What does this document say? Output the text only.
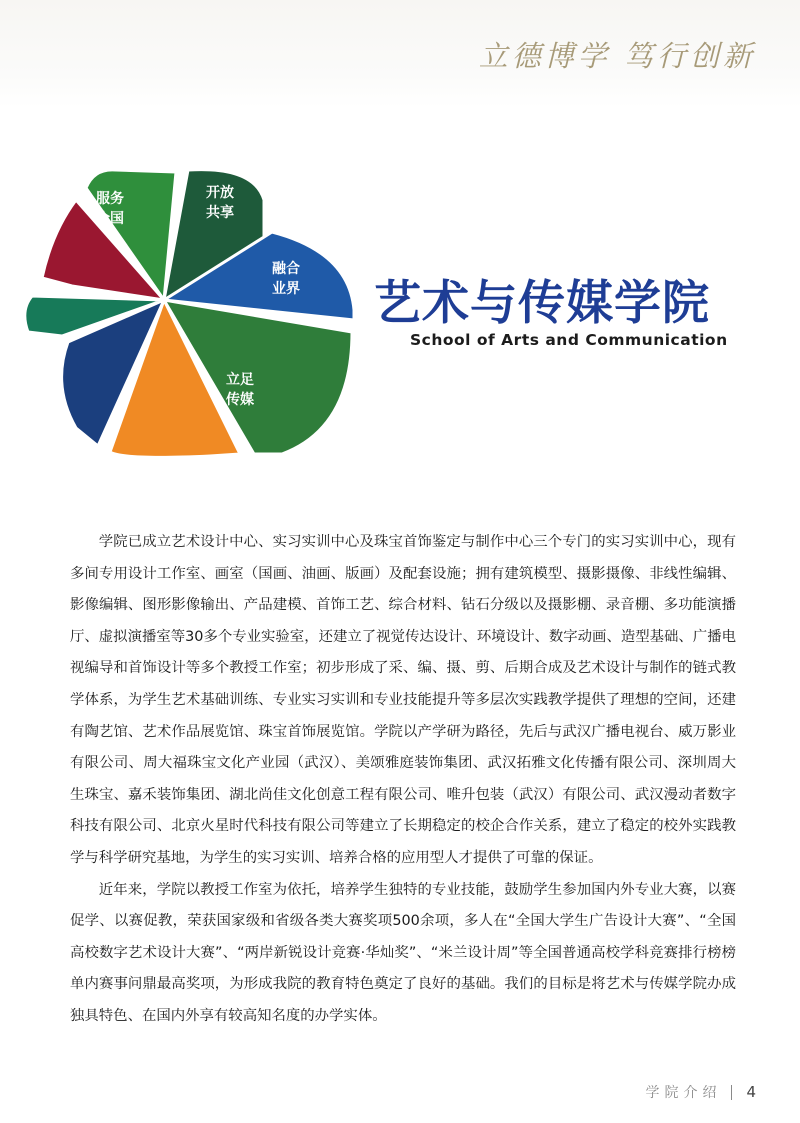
立德博学 笃行创新
服务
全国
开放
共享
融合
业界
立足
传媒
艺术与传媒学院
School of Arts and Communication

学院已成立艺术设计中心、实习实训中心及珠宝首饰鉴定与制作中心三个专门的实习实训中心，现有多间专用设计工作室、画室（国画、油画、版画）及配套设施；拥有建筑模型、摄影摄像、非线性编辑、影像编辑、图形影像输出、产品建模、首饰工艺、综合材料、钻石分级以及摄影棚、录音棚、多功能演播厅、虚拟演播室等30多个专业实验室，还建立了视觉传达设计、环境设计、数字动画、造型基础、广播电视编导和首饰设计等多个教授工作室；初步形成了采、编、摄、剪、后期合成及艺术设计与制作的链式教学体系，为学生艺术基础训练、专业实习实训和专业技能提升等多层次实践教学提供了理想的空间，还建有陶艺馆、艺术作品展览馆、珠宝首饰展览馆。学院以产学研为路径，先后与武汉广播电视台、威万影业有限公司、周大福珠宝文化产业园（武汉）、美颂雅庭装饰集团、武汉拓雅文化传播有限公司、深圳周大生珠宝、嘉禾装饰集团、湖北尚佳文化创意工程有限公司、唯升包装（武汉）有限公司、武汉漫动者数字科技有限公司、北京火星时代科技有限公司等建立了长期稳定的校企合作关系，建立了稳定的校外实践教学与科学研究基地，为学生的实习实训、培养合格的应用型人才提供了可靠的保证。

近年来，学院以教授工作室为依托，培养学生独特的专业技能，鼓励学生参加国内外专业大赛，以赛促学、以赛促教，荣获国家级和省级各类大赛奖项500余项，多人在“全国大学生广告设计大赛”、“全国高校数字艺术设计大赛”、“两岸新锐设计竞赛·华灿奖”、“米兰设计周”等全国普通高校学科竞赛排行榜榜单内赛事问鼎最高奖项，为形成我院的教育特色奠定了良好的基础。我们的目标是将艺术与传媒学院办成独具特色、在国内外享有较高知名度的办学实体。

学院介绍 4
